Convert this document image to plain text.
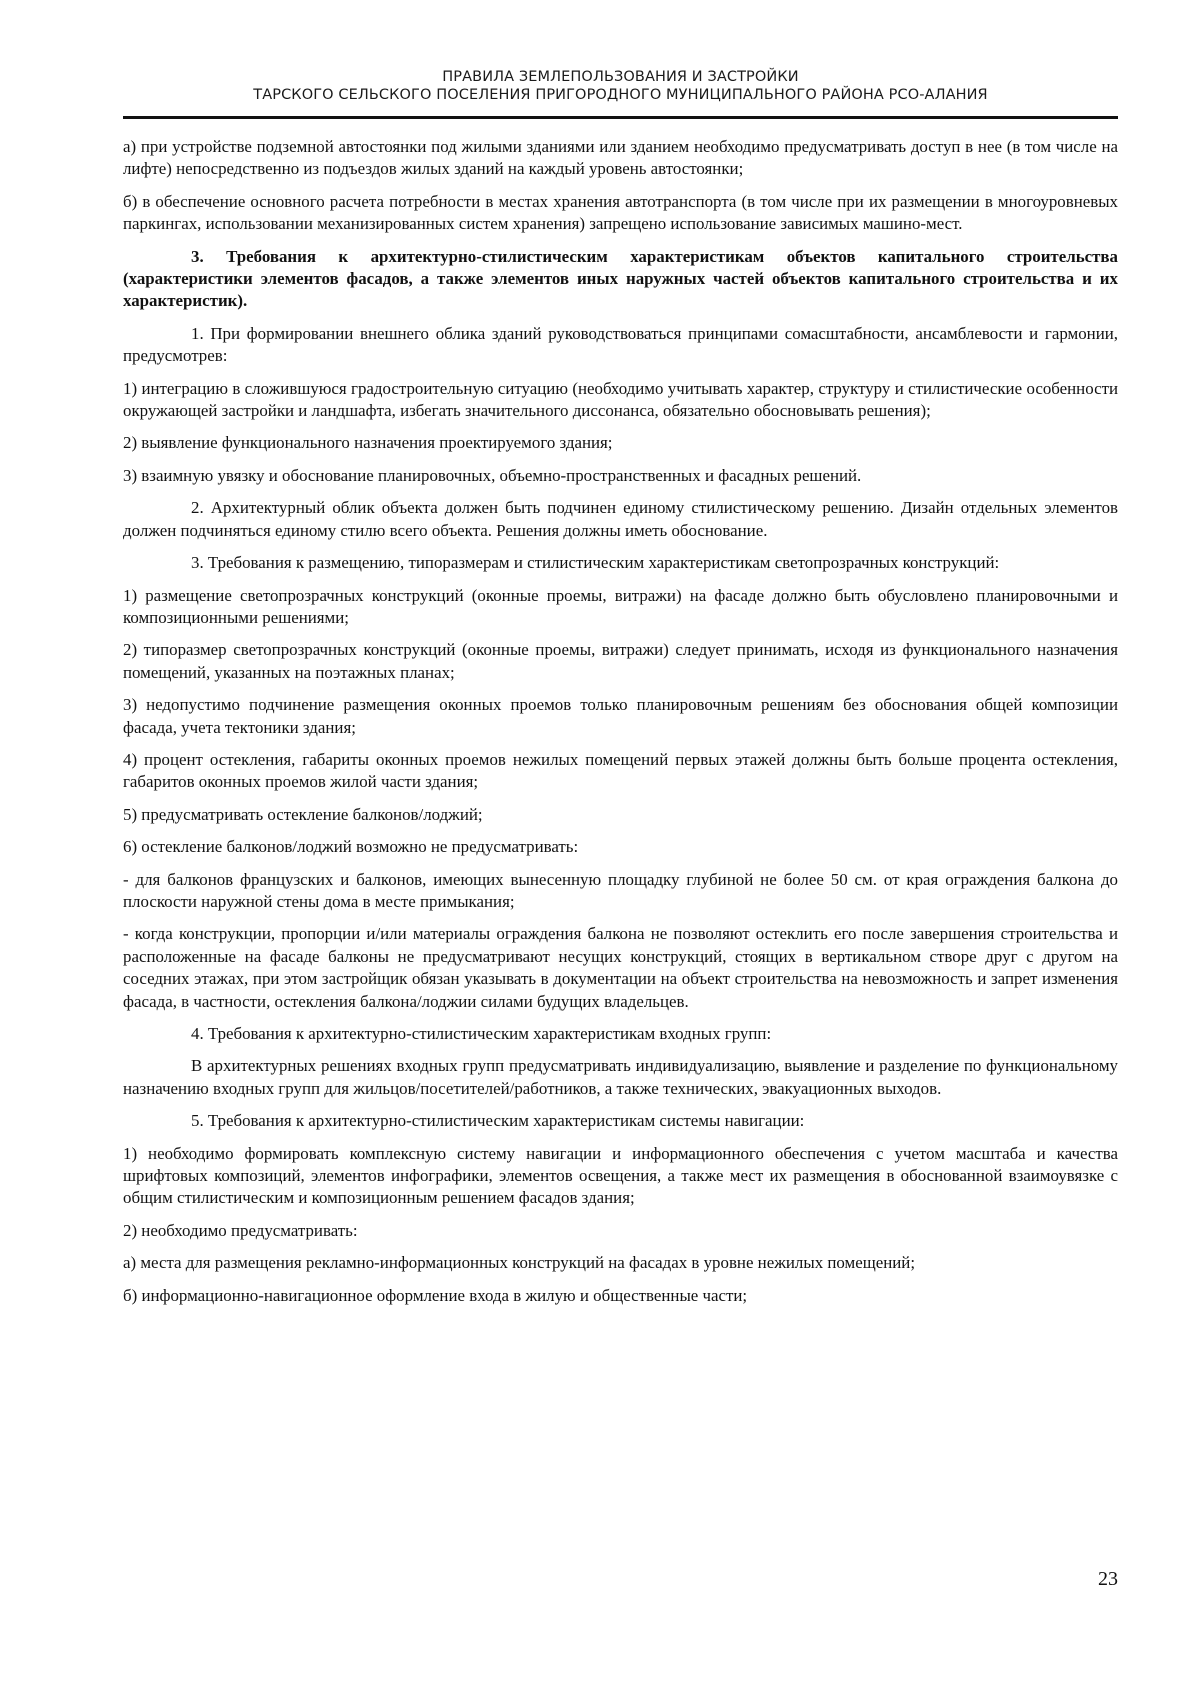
ПРАВИЛА ЗЕМЛЕПОЛЬЗОВАНИЯ И ЗАСТРОЙКИ
ТАРСКОГО СЕЛЬСКОГО ПОСЕЛЕНИЯ ПРИГОРОДНОГО МУНИЦИПАЛЬНОГО РАЙОНА РСО-АЛАНИЯ

а) при устройстве подземной автостоянки под жилыми зданиями или зданием необходимо предусматривать доступ в нее (в том числе на лифте) непосредственно из подъездов жилых зданий на каждый уровень автостоянки;

б) в обеспечение основного расчета потребности в местах хранения автотранспорта (в том числе при их размещении в многоуровневых паркингах, использовании механизированных систем хранения) запрещено использование зависимых машино-мест.

3. Требования к архитектурно-стилистическим характеристикам объектов капитального строительства (характеристики элементов фасадов, а также элементов иных наружных частей объектов капитального строительства и их характеристик).

1. При формировании внешнего облика зданий руководствоваться принципами сомасштабности, ансамблевости и гармонии, предусмотрев:

1) интеграцию в сложившуюся градостроительную ситуацию (необходимо учитывать характер, структуру и стилистические особенности окружающей застройки и ландшафта, избегать значительного диссонанса, обязательно обосновывать решения);

2) выявление функционального назначения проектируемого здания;

3) взаимную увязку и обоснование планировочных, объемно-пространственных и фасадных решений.

2. Архитектурный облик объекта должен быть подчинен единому стилистическому решению. Дизайн отдельных элементов должен подчиняться единому стилю всего объекта. Решения должны иметь обоснование.

3. Требования к размещению, типоразмерам и стилистическим характеристикам светопрозрачных конструкций:

1) размещение светопрозрачных конструкций (оконные проемы, витражи) на фасаде должно быть обусловлено планировочными и композиционными решениями;

2) типоразмер светопрозрачных конструкций (оконные проемы, витражи) следует принимать, исходя из функционального назначения помещений, указанных на поэтажных планах;

3) недопустимо подчинение размещения оконных проемов только планировочным решениям без обоснования общей композиции фасада, учета тектоники здания;

4) процент остекления, габариты оконных проемов нежилых помещений первых этажей должны быть больше процента остекления, габаритов оконных проемов жилой части здания;

5) предусматривать остекление балконов/лоджий;

6) остекление балконов/лоджий возможно не предусматривать:

- для балконов французских и балконов, имеющих вынесенную площадку глубиной не более 50 см. от края ограждения балкона до плоскости наружной стены дома в месте примыкания;

- когда конструкции, пропорции и/или материалы ограждения балкона не позволяют остеклить его после завершения строительства и расположенные на фасаде балконы не предусматривают несущих конструкций, стоящих в вертикальном створе друг с другом на соседних этажах, при этом застройщик обязан указывать в документации на объект строительства на невозможность и запрет изменения фасада, в частности, остекления балкона/лоджии силами будущих владельцев.

4. Требования к архитектурно-стилистическим характеристикам входных групп:

В архитектурных решениях входных групп предусматривать индивидуализацию, выявление и разделение по функциональному назначению входных групп для жильцов/посетителей/работников, а также технических, эвакуационных выходов.

5. Требования к архитектурно-стилистическим характеристикам системы навигации:

1) необходимо формировать комплексную систему навигации и информационного обеспечения с учетом масштаба и качества шрифтовых композиций, элементов инфографики, элементов освещения, а также мест их размещения в обоснованной взаимоувязке с общим стилистическим и композиционным решением фасадов здания;

2) необходимо предусматривать:

а) места для размещения рекламно-информационных конструкций на фасадах в уровне нежилых помещений;

б) информационно-навигационное оформление входа в жилую и общественные части;

23
